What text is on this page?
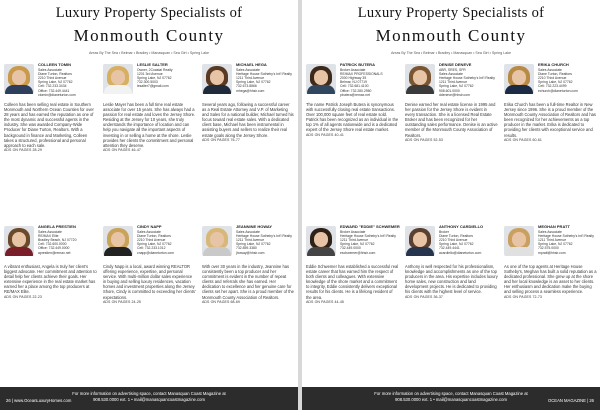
Luxury Property Specialists of
Monmouth County
Areas By The Sea • Belmar • Bradley • Manasquan • Sea Girt • Spring Lake
COLLEEN TOMIN
Sales Associate
Diane Turton, Realtors
2210 Third Avenue
Spring Lake, NJ 07762
Cell: 732.233.3434
Office: 732.449.4441
ctomin@dianeturton.com
Colleen has been selling real estate in Southern Monmouth and Northern Ocean Counties for over 28 years and has earned the reputation as one of the most dynamic and successful agents in the industry. She was awarded Company-Wide Producer for Diane Turton, Realtors. With a background in finance and Marketing, Colleen takes a structured, professional and personal approach to each sale.
ADS ON PAGES 28-29
LESLIE SALTER
Owner, 2Coastal Realty
1201 3rd Avenue
Spring Lake, NJ 07762
732.300.5003
lesalter7@gmail.com
Leslie Mayer has been a full time real estate associate for over 15 years. She has always had a passion for real estate and loves the Jersey Shore. Residing at the Jersey for 10 years, she truly understands the importance of location and can help you navigate all the important aspects of investing in or selling a home at the shore. Leslie provides her clients the commitment and personal attention they deserve.
ADS ON PAGES 46-47
MICHAEL HEGA
Sales Associate
Heritage House Sotheby's Int'l Realty
1211 Third Avenue
Spring Lake, NJ 07762
732.673.8866
mhega@hhsir.com
Several years ago, following a successful career as a Real Estate Attorney and V.P. of Marketing and Sales for a national builder, Michael turned his focus toward real estate sales. With a dedicated client base, Michael has been instrumental in assisting buyers and sellers to realize their real estate goals along the Jersey Shore.
ADS ON PAGES 76-77
ANGELA PRESTIEN
Sales Associate
RE/MAX Elite
Bradley Beach, NJ 07720
Cell: 732.600.0000
Office: 732.449.0000
aprestien@remax.net
A vibrant enthusiast, Angela is truly her client's biggest advocate. Her commitment and attention to detail help her clients achieve their goals. Her extensive experience in the real estate market has earned her a place among the top producers at RE/MAX Elite.
ADS ON PAGES 22-23
CINDY NAPP
Sales Associate
Diane Turton, Realtors
2210 Third Avenue
Spring Lake, NJ 07762
Cell: 732.233.1012
cnapp@dianeturton.com
Cindy Napp is a local, award winning REALTOR offering experience, expertise, and personal service. With multi-million dollar sales experience in buying and selling luxury residences, vacation homes and investment properties along the Jersey Shore, Cindy is committed to exceeding her clients' expectations.
ADS ON PAGES 24-25
JEANNINE HOWAY
Sales Associate
Heritage House Sotheby's Int'l Realty
1211 Third Avenue
Spring Lake, NJ 07762
732.859.3380
jhoway@hhsir.com
With over 30 years in the industry, Jeannine has consistently been a top producer and her commitment is evident in the number of repeat clients and referrals she has earned. Her dedication to excellence and her genuine care for clients set her apart. She is a proud member of the Monmouth County Association of Realtors.
ADS ON PAGES 68-69
26 | www.OceanLuxuryHomes.com
For more information on advertising space, contact Manasquan Coast Magazine at 908.530.0000 ext. 1 • mail@manasquancoastmagazine.com
Luxury Property Specialists of
Monmouth County
Areas By The Sea • Belmar • Bradley • Manasquan • Sea Girt • Spring Lake
PATRICK BUTERA
Broker Associate
RE/MAX PROFESSIONALS
2000 Highway 35
Belmar, NJ 07719
Cell: 732.681.4100
Office: 732.280.2950
pbutera@remax.net
The name Patrick Joseph Butera is synonymous with successfully closing real estate transactions. Over 100,000 square feet of real estate sold. Patrick has been recognized as an individual in the top 1% of all agents nationwide and is a dedicated expert of the Jersey Shore real estate market.
ADS ON PAGES 40-41
DENISE DENEVE
ABR, SRES, SFR
Sales Associate
Heritage House Sotheby's Int'l Realty
1211 Third Avenue
Spring Lake, NJ 07762
908.601.0000
ddeneve@hhsir.com
Denise earned her real estate license in 1995 and her passion for the Jersey Shore is evident in every transaction. She is a licensed Real Estate Broker and has been recognized for her outstanding sales performance. Denise is an active member of the Monmouth County Association of Realtors.
ADS ON PAGES 52-53
ERIKA CHURCH
Sales Associate
Diane Turton, Realtors
2210 Third Avenue
Spring Lake, NJ 07762
Cell: 732.223.4499
echurch@dianeturton.com
Erika Church has been a full-time Realtor in New Jersey since 1996. She is a proud member of the Monmouth County Association of Realtors and has been recognized for her achievements as a top producer in the market. Erika is dedicated to providing her clients with exceptional service and results.
ADS ON PAGES 60-61
EDWARD "EDDIE" SCHWEMER
Broker Associate
Heritage House Sotheby's Int'l Realty
1211 Third Avenue
Spring Lake, NJ 07762
732.449.0000
eschwemer@hhsir.com
Eddie Schwemer has established a successful real estate career that has earned him the respect of both clients and colleagues. With extensive knowledge of the shore market and a commitment to integrity, Eddie consistently delivers exceptional results for his clients. He is a lifelong resident of the area.
ADS ON PAGES 44-45
ANTHONY CARDIELLO
Broker
Diane Turton, Realtors
2210 Third Avenue
Spring Lake, NJ 07762
732.449.4441
acardiello@dianeturton.com
Anthony is well respected for his professionalism, knowledge and accomplishments as one of the top producers in the area. His expertise includes luxury home sales, new construction and land development projects. He is dedicated to providing his clients with the highest level of service.
ADS ON PAGES 36-37
MEGHAN PRATT
Sales Associate
Heritage House Sotheby's Int'l Realty
1211 Third Avenue
Spring Lake, NJ 07762
732.575.0000
mpratt@hhsir.com
As one of the top agents at Heritage House Sotheby's, Meghan has built a solid reputation as a dedicated professional. She grew up at the shore and her local knowledge is an asset to her clients. Her enthusiasm and dedication make the buying and selling process a seamless experience.
ADS ON PAGES 72-73
For more information on advertising space, contact Manasquan Coast Magazine at 908.530.0000 ext. 1 • mail@manasquancoastmagazine.com	OCEAN MAGAZINE | 26
